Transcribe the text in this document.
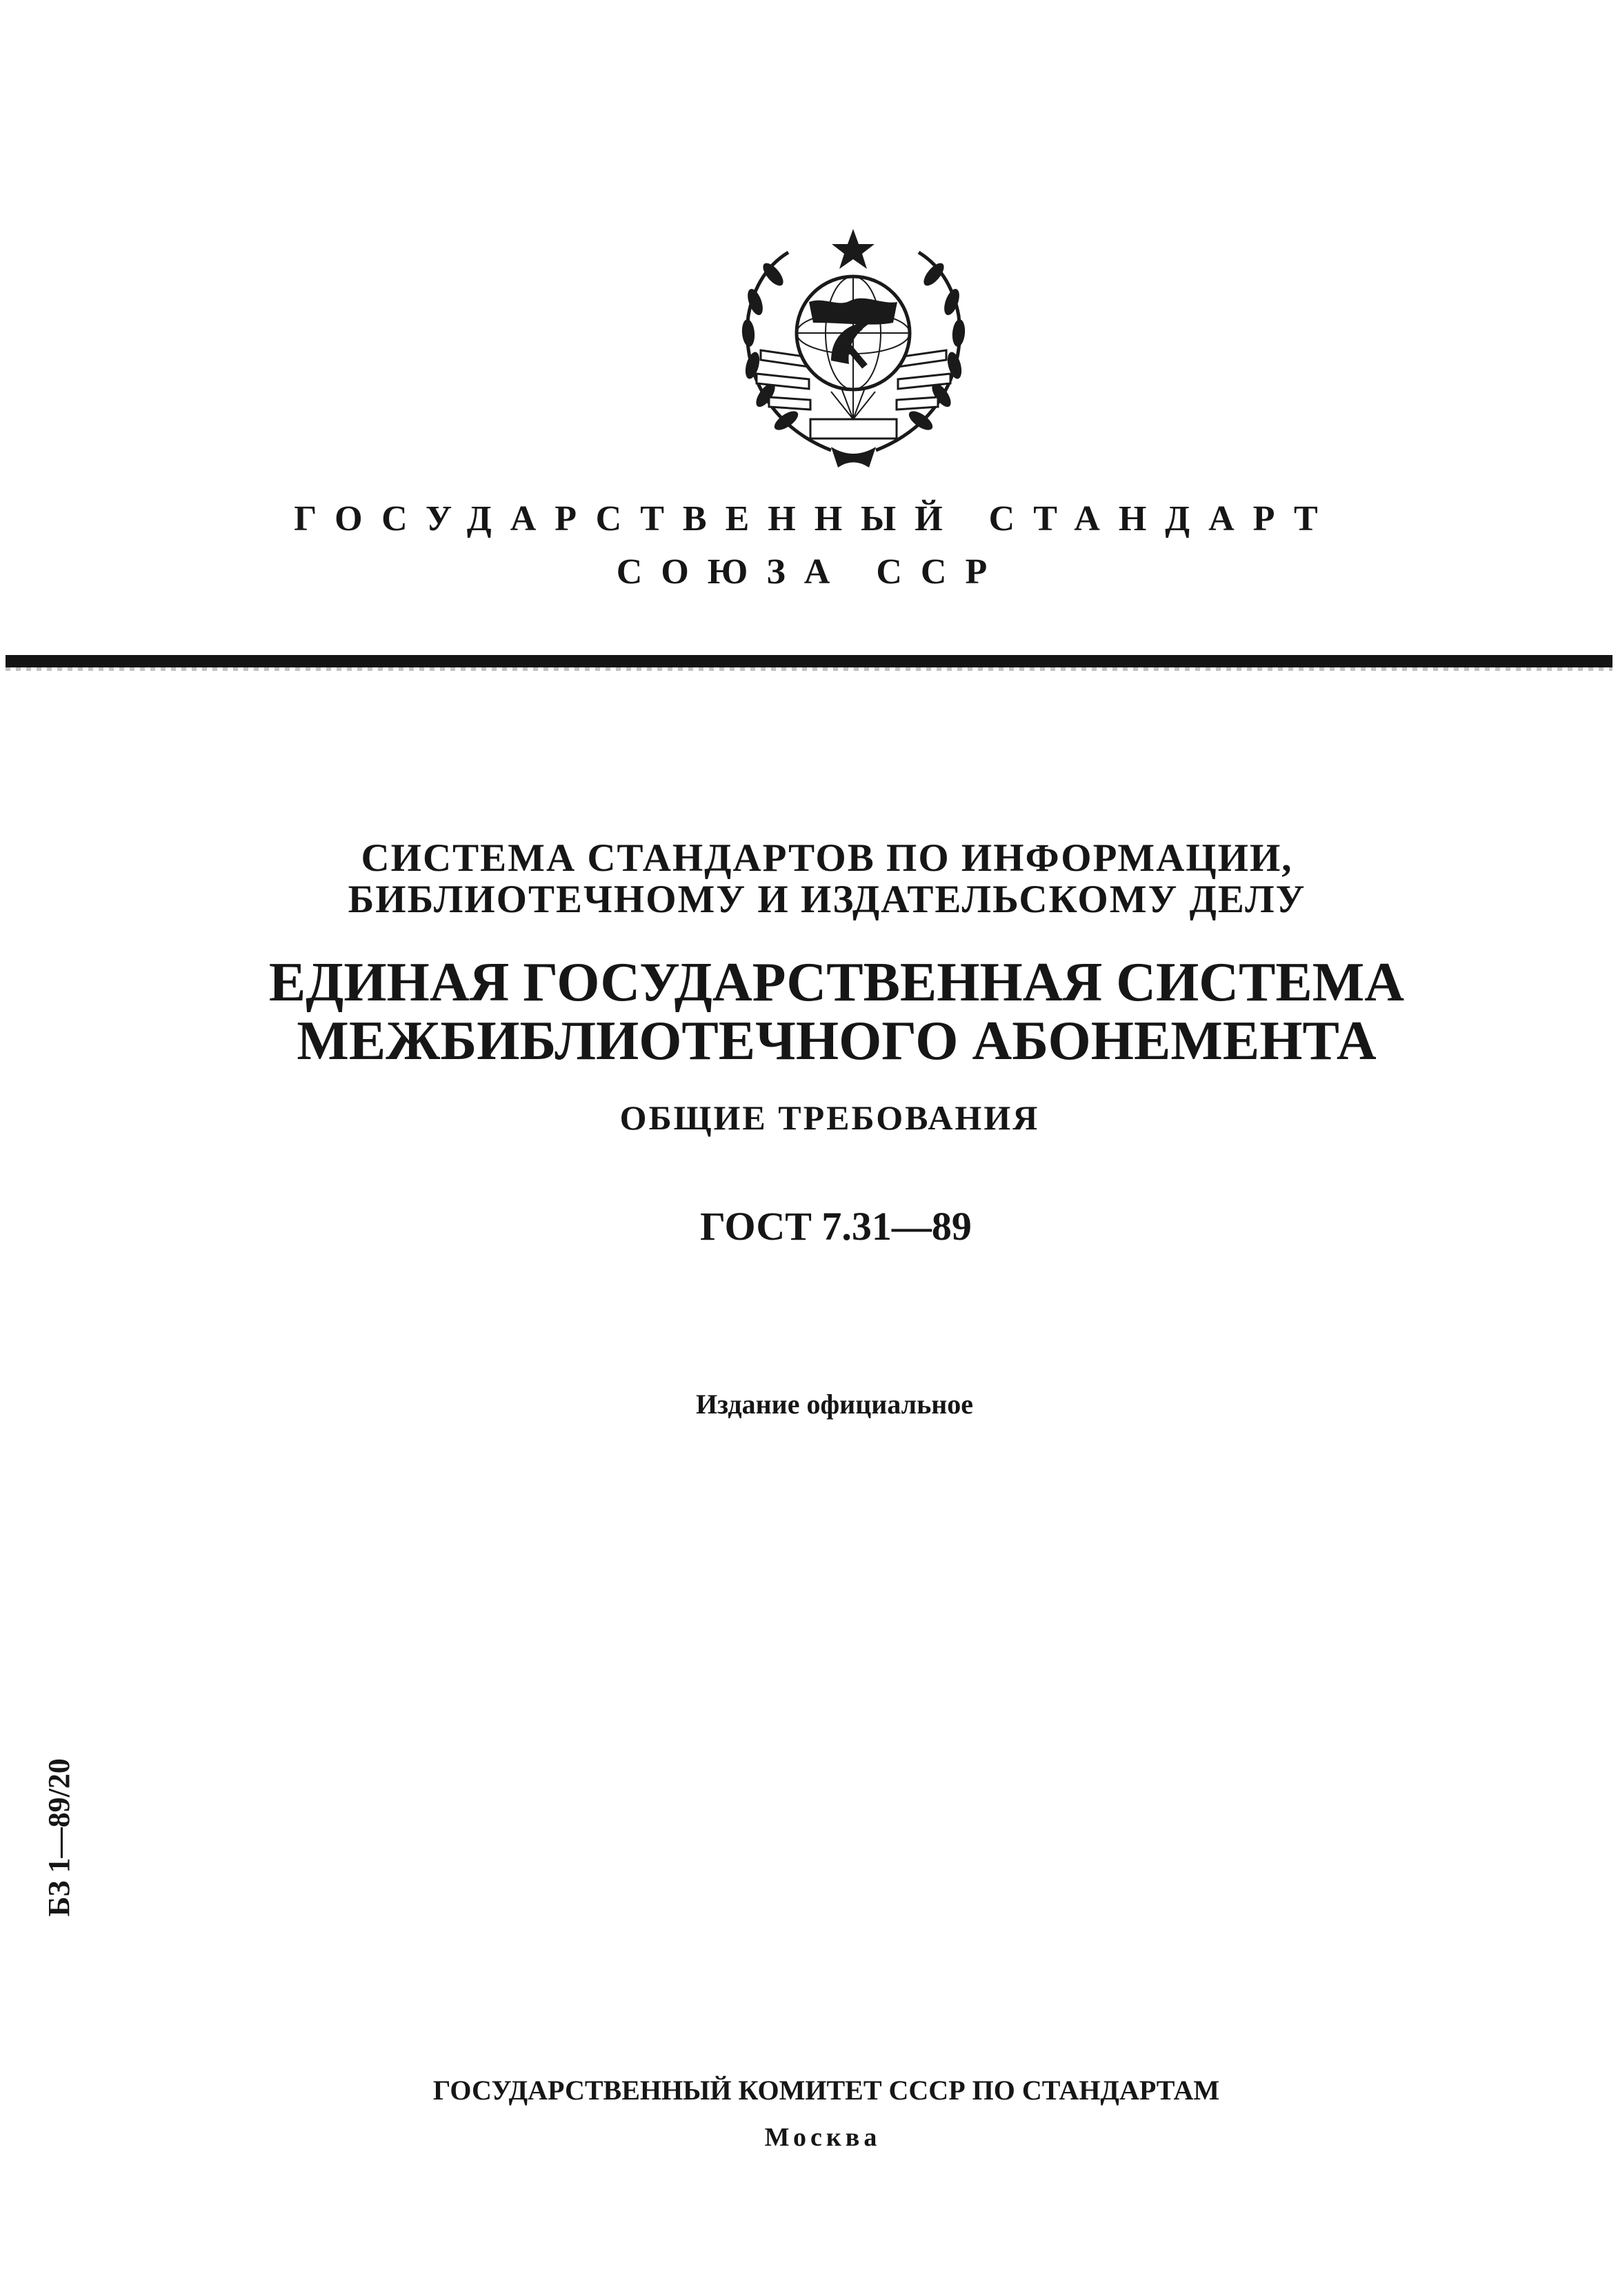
ГОСУДАРСТВЕННЫЙ СТАНДАРТ
СОЮЗА ССР
СИСТЕМА СТАНДАРТОВ ПО ИНФОРМАЦИИ,
БИБЛИОТЕЧНОМУ И ИЗДАТЕЛЬСКОМУ ДЕЛУ
ЕДИНАЯ ГОСУДАРСТВЕННАЯ СИСТЕМА
МЕЖБИБЛИОТЕЧНОГО АБОНЕМЕНТА
ОБЩИЕ ТРЕБОВАНИЯ
ГОСТ 7.31—89
Издание официальное
БЗ 1—89/20
ГОСУДАРСТВЕННЫЙ КОМИТЕТ СССР ПО СТАНДАРТАМ
Москва
